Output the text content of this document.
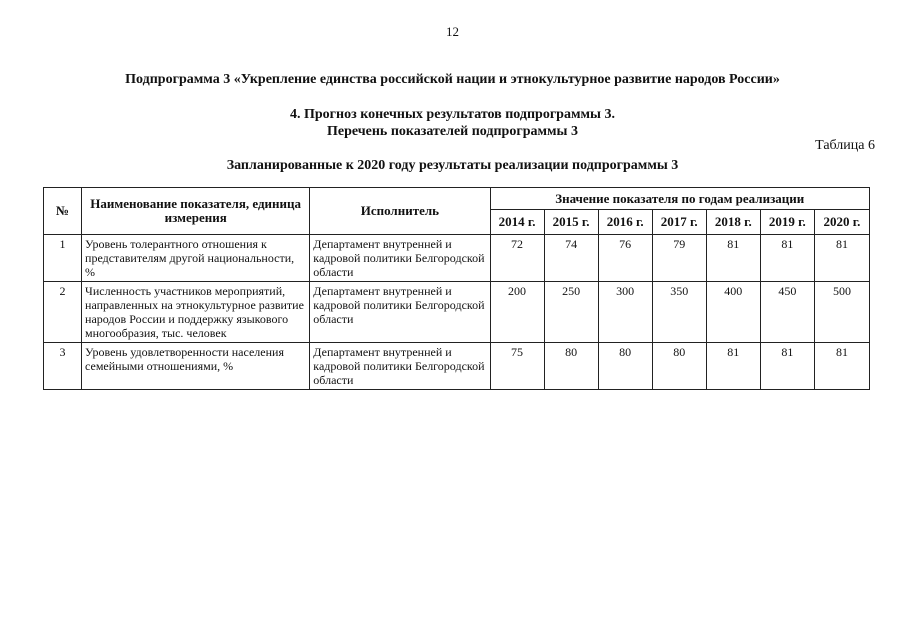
12
Подпрограмма 3 «Укрепление единства российской нации и этнокультурное развитие народов России»
4. Прогноз конечных результатов подпрограммы 3.
Перечень показателей подпрограммы 3
Таблица 6
Запланированные к 2020 году результаты реализации подпрограммы 3
№	Наименование показателя, единица измерения	Исполнитель	Значение показателя по годам реализации						
			2014 г.	2015 г.	2016 г.	2017 г.	2018 г.	2019 г.	2020 г.
1	Уровень толерантного отношения к представителям другой национальности, %	Департамент внутренней и кадровой политики Белгородской области	72	74	76	79	81	81	81
2	Численность участников мероприятий, направленных на этнокультурное развитие народов России и поддержку языкового многообразия, тыс. человек	Департамент внутренней и кадровой политики Белгородской области	200	250	300	350	400	450	500
3	Уровень удовлетворенности населения семейными отношениями, %	Департамент внутренней и кадровой политики Белгородской области	75	80	80	80	81	81	81
